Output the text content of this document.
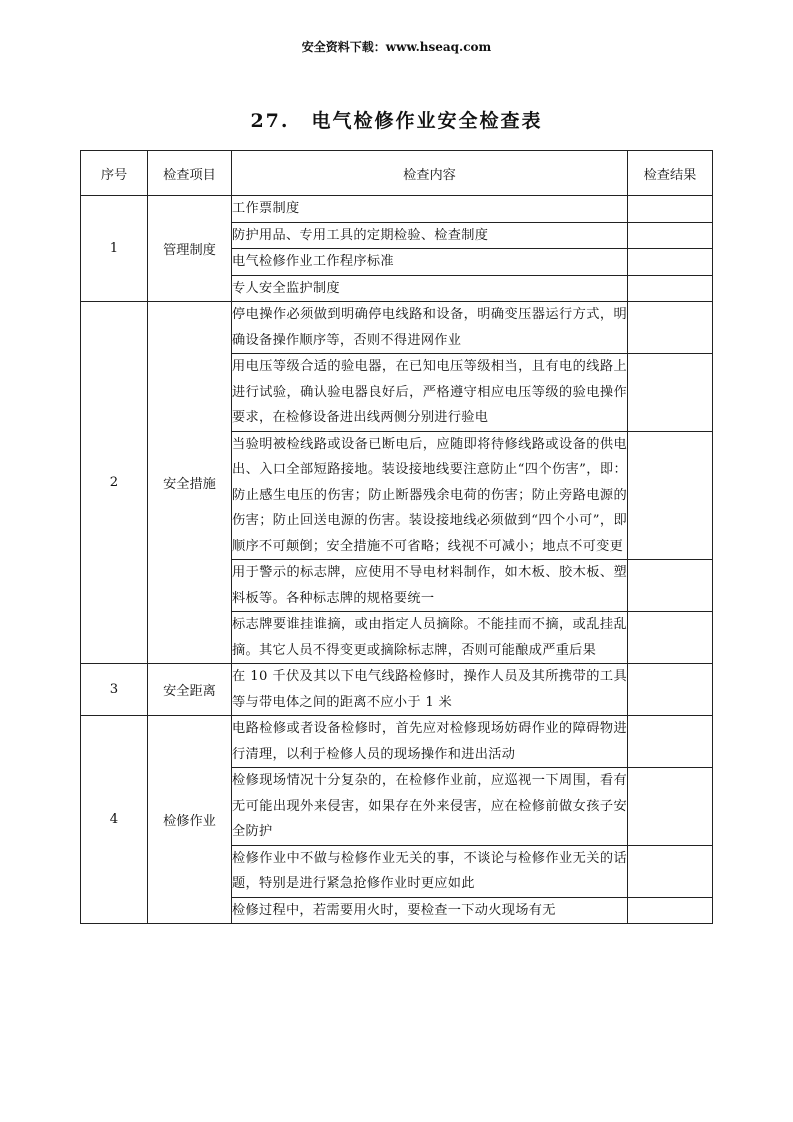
安全资料下载：www.hseaq.com
27. 电气检修作业安全检查表
序号	检查项目	检查内容	检查结果
1	管理制度	工作票制度	
		防护用品、专用工具的定期检验、检查制度	
		电气检修作业工作程序标准	
		专人安全监护制度	
2	安全措施	停电操作必须做到明确停电线路和设备，明确变压器运行方式，明确设备操作顺序等，否则不得进网作业	
		用电压等级合适的验电器，在已知电压等级相当，且有电的线路上进行试验，确认验电器良好后，严格遵守相应电压等级的验电操作要求，在检修设备进出线两侧分别进行验电	
		当验明被检线路或设备已断电后，应随即将待修线路或设备的供电出、入口全部短路接地。装设接地线要注意防止“四个伤害”，即：防止感生电压的伤害；防止断器残余电荷的伤害；防止旁路电源的伤害；防止回送电源的伤害。装设接地线必须做到“四个小可”，即顺序不可颠倒；安全措施不可省略；线视不可减小；地点不可变更	
		用于警示的标志牌，应使用不导电材料制作，如木板、胶木板、塑料板等。各种标志牌的规格要统一	
		标志牌要谁挂谁摘，或由指定人员摘除。不能挂而不摘，或乱挂乱摘。其它人员不得变更或摘除标志牌，否则可能酿成严重后果	
3	安全距离	在 10 千伏及其以下电气线路检修时，操作人员及其所携带的工具等与带电体之间的距离不应小于 1 米	
4	检修作业	电路检修或者设备检修时，首先应对检修现场妨碍作业的障碍物进行清理，以利于检修人员的现场操作和进出活动	
		检修现场情况十分复杂的，在检修作业前，应巡视一下周围，看有无可能出现外来侵害，如果存在外来侵害，应在检修前做女孩子安全防护	
		检修作业中不做与检修作业无关的事，不谈论与检修作业无关的话题，特别是进行紧急抢修作业时更应如此	
		检修过程中，若需要用火时，要检查一下动火现场有无	
